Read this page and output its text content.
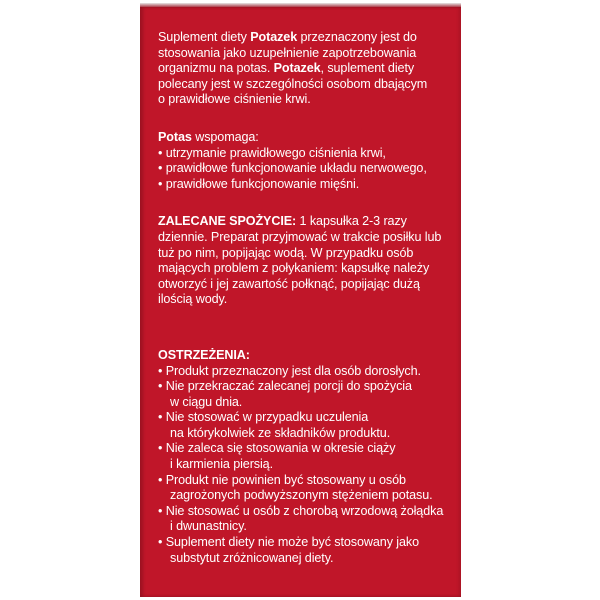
Suplement diety Potazek przeznaczony jest do
stosowania jako uzupełnienie zapotrzebowania
organizmu na potas. Potazek, suplement diety
polecany jest w szczególności osobom dbającym
o prawidłowe ciśnienie krwi.
Potas wspomaga:
• utrzymanie prawidłowego ciśnienia krwi,
• prawidłowe funkcjonowanie układu nerwowego,
• prawidłowe funkcjonowanie mięśni.
ZALECANE SPOŻYCIE: 1 kapsułka 2-3 razy
dziennie. Preparat przyjmować w trakcie posiłku lub
tuż po nim, popijając wodą. W przypadku osób
mających problem z połykaniem: kapsułkę należy
otworzyć i jej zawartość połknąć, popijając dużą
ilością wody.
OSTRZEŻENIA:
• Produkt przeznaczony jest dla osób dorosłych.
• Nie przekraczać zalecanej porcji do spożycia
w ciągu dnia.
• Nie stosować w przypadku uczulenia
na którykolwiek ze składników produktu.
• Nie zaleca się stosowania w okresie ciąży
i karmienia piersią.
• Produkt nie powinien być stosowany u osób
zagrożonych podwyższonym stężeniem potasu.
• Nie stosować u osób z chorobą wrzodową żołądka
i dwunastnicy.
• Suplement diety nie może być stosowany jako
substytut zróżnicowanej diety.
